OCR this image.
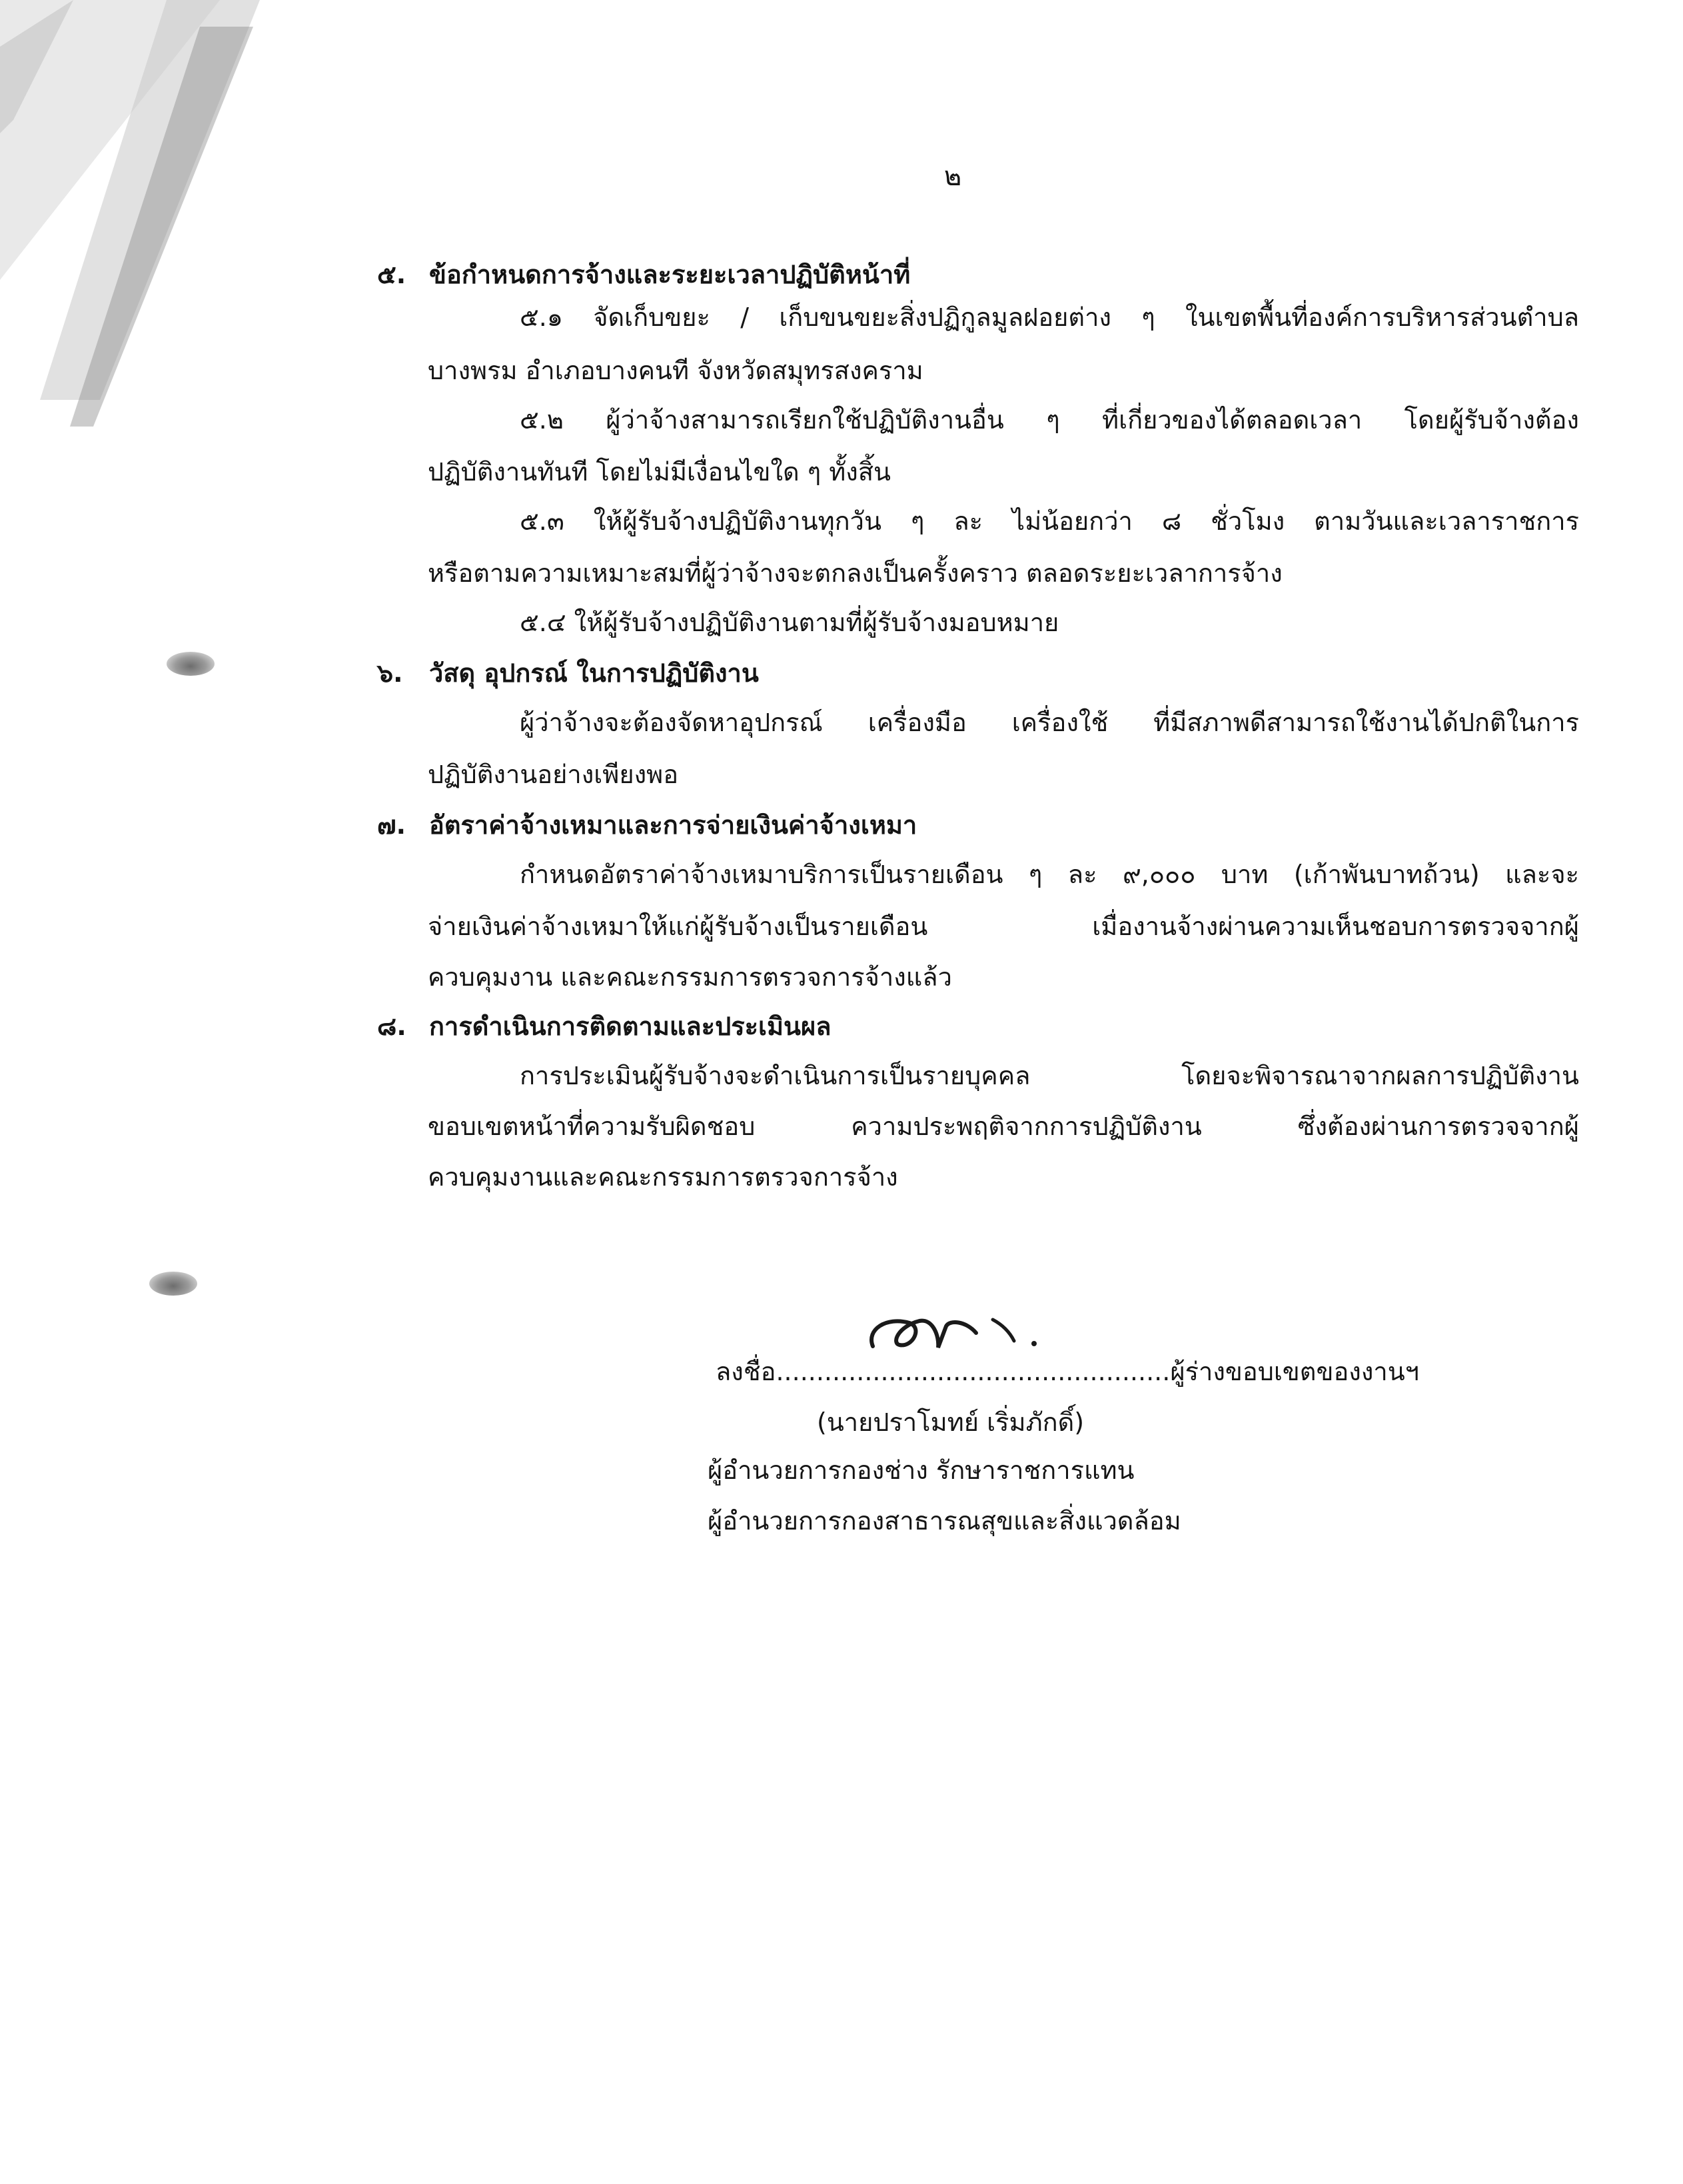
๒
๕. ข้อกำหนดการจ้างและระยะเวลาปฏิบัติหน้าที่
๕.๑ จัดเก็บขยะ / เก็บขนขยะสิ่งปฏิกูลมูลฝอยต่าง ๆ ในเขตพื้นที่องค์การบริหารส่วนตำบล
บางพรม อำเภอบางคนที จังหวัดสมุทรสงคราม
๕.๒ ผู้ว่าจ้างสามารถเรียกใช้ปฏิบัติงานอื่น ๆ ที่เกี่ยวของได้ตลอดเวลา โดยผู้รับจ้างต้อง
ปฏิบัติงานทันที โดยไม่มีเงื่อนไขใด ๆ ทั้งสิ้น
๕.๓ ให้ผู้รับจ้างปฏิบัติงานทุกวัน ๆ ละ ไม่น้อยกว่า ๘ ชั่วโมง ตามวันและเวลาราชการ
หรือตามความเหมาะสมที่ผู้ว่าจ้างจะตกลงเป็นครั้งคราว ตลอดระยะเวลาการจ้าง
๕.๔ ให้ผู้รับจ้างปฏิบัติงานตามที่ผู้รับจ้างมอบหมาย
๖. วัสดุ อุปกรณ์ ในการปฏิบัติงาน
ผู้ว่าจ้างจะต้องจัดหาอุปกรณ์ เครื่องมือ เครื่องใช้ ที่มีสภาพดีสามารถใช้งานได้ปกติในการ
ปฏิบัติงานอย่างเพียงพอ
๗. อัตราค่าจ้างเหมาและการจ่ายเงินค่าจ้างเหมา
กำหนดอัตราค่าจ้างเหมาบริการเป็นรายเดือน ๆ ละ ๙,๐๐๐ บาท (เก้าพันบาทถ้วน) และจะ
จ่ายเงินค่าจ้างเหมาให้แก่ผู้รับจ้างเป็นรายเดือน เมื่องานจ้างผ่านความเห็นชอบการตรวจจากผู้
ควบคุมงาน และคณะกรรมการตรวจการจ้างแล้ว
๘. การดำเนินการติดตามและประเมินผล
การประเมินผู้รับจ้างจะดำเนินการเป็นรายบุคคล โดยจะพิจารณาจากผลการปฏิบัติงาน
ขอบเขตหน้าที่ความรับผิดชอบ ความประพฤติจากการปฏิบัติงาน ซึ่งต้องผ่านการตรวจจากผู้
ควบคุมงานและคณะกรรมการตรวจการจ้าง
ลงชื่อ.................................................ผู้ร่างขอบเขตของงานฯ
(นายปราโมทย์ เริ่มภักดิ์)
ผู้อำนวยการกองช่าง รักษาราชการแทน
ผู้อำนวยการกองสาธารณสุขและสิ่งแวดล้อม
